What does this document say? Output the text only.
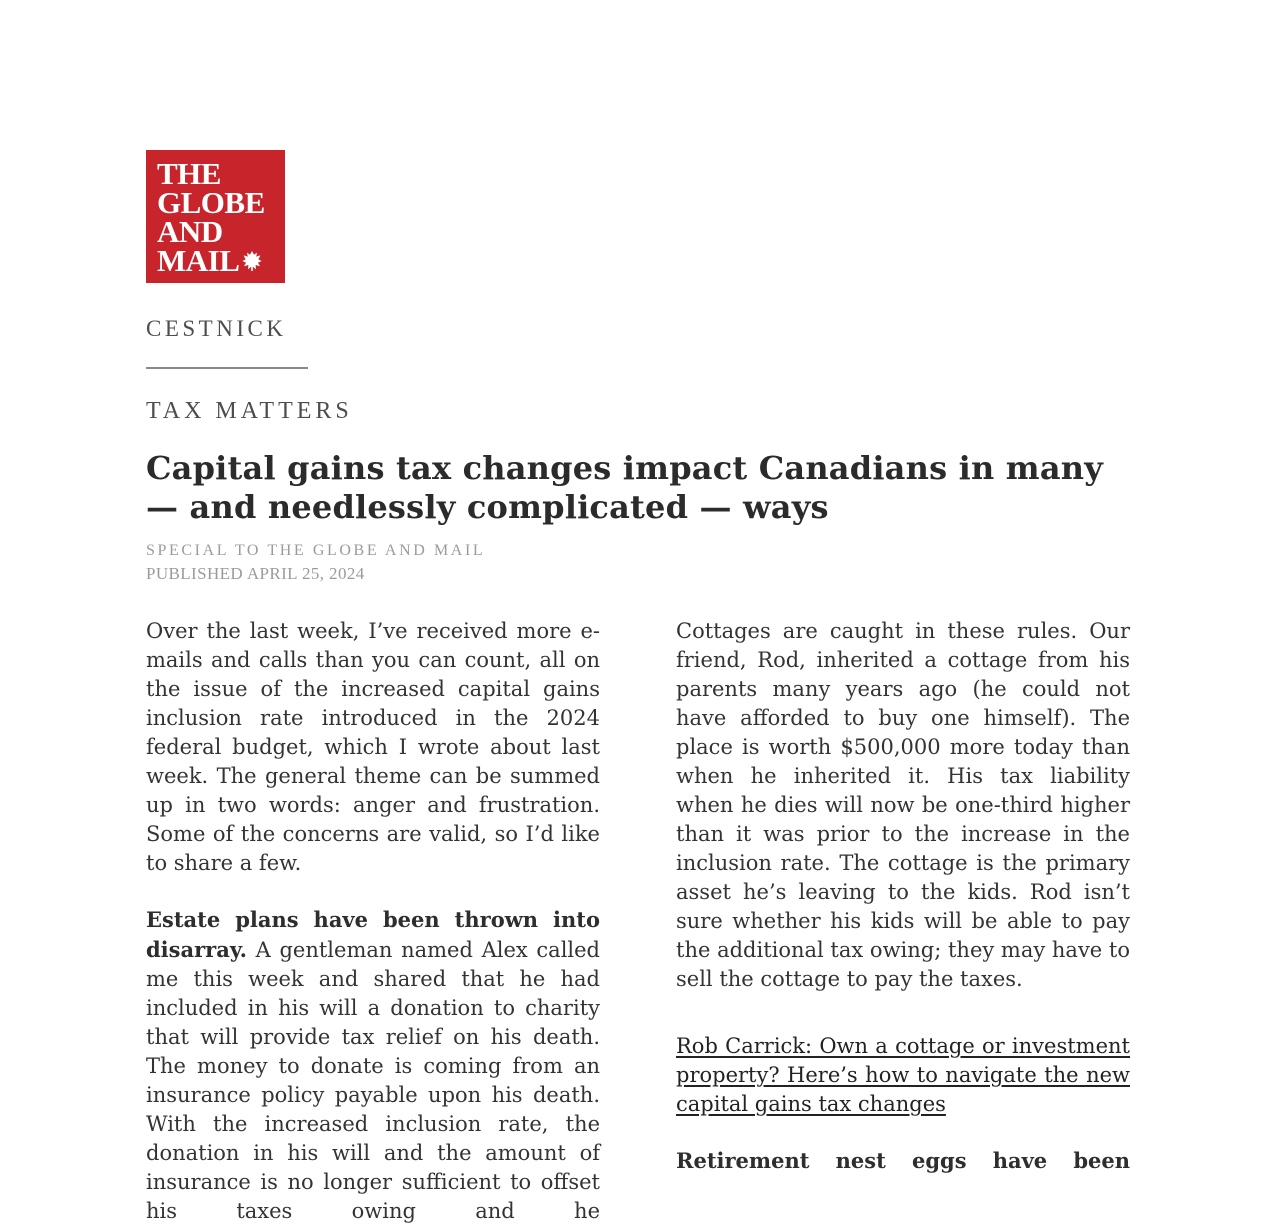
THE
GLOBE
AND
MAIL
CESTNICK
TAX MATTERS
Capital gains tax changes impact Canadians in many — and needlessly complicated — ways
SPECIAL TO THE GLOBE AND MAIL
PUBLISHED APRIL 25, 2024

Over the last week, I’ve received more e-mails and calls than you can count, all on the issue of the increased capital gains inclusion rate introduced in the 2024 federal budget, which I wrote about last week. The general theme can be summed up in two words: anger and frustration. Some of the concerns are valid, so I’d like to share a few.

Estate plans have been thrown into disarray. A gentleman named Alex called me this week and shared that he had included in his will a donation to charity that will provide tax relief on his death. The money to donate is coming from an insurance policy payable upon his death. With the increased inclusion rate, the donation in his will and the amount of insurance is no longer sufficient to offset his taxes owing and he

Cottages are caught in these rules. Our friend, Rod, inherited a cottage from his parents many years ago (he could not have afforded to buy one himself). The place is worth $500,000 more today than when he inherited it. His tax liability when he dies will now be one-third higher than it was prior to the increase in the inclusion rate. The cottage is the primary asset he’s leaving to the kids. Rod isn’t sure whether his kids will be able to pay the additional tax owing; they may have to sell the cottage to pay the taxes.

Rob Carrick: Own a cottage or investment property? Here’s how to navigate the new capital gains tax changes

Retirement nest eggs have been
